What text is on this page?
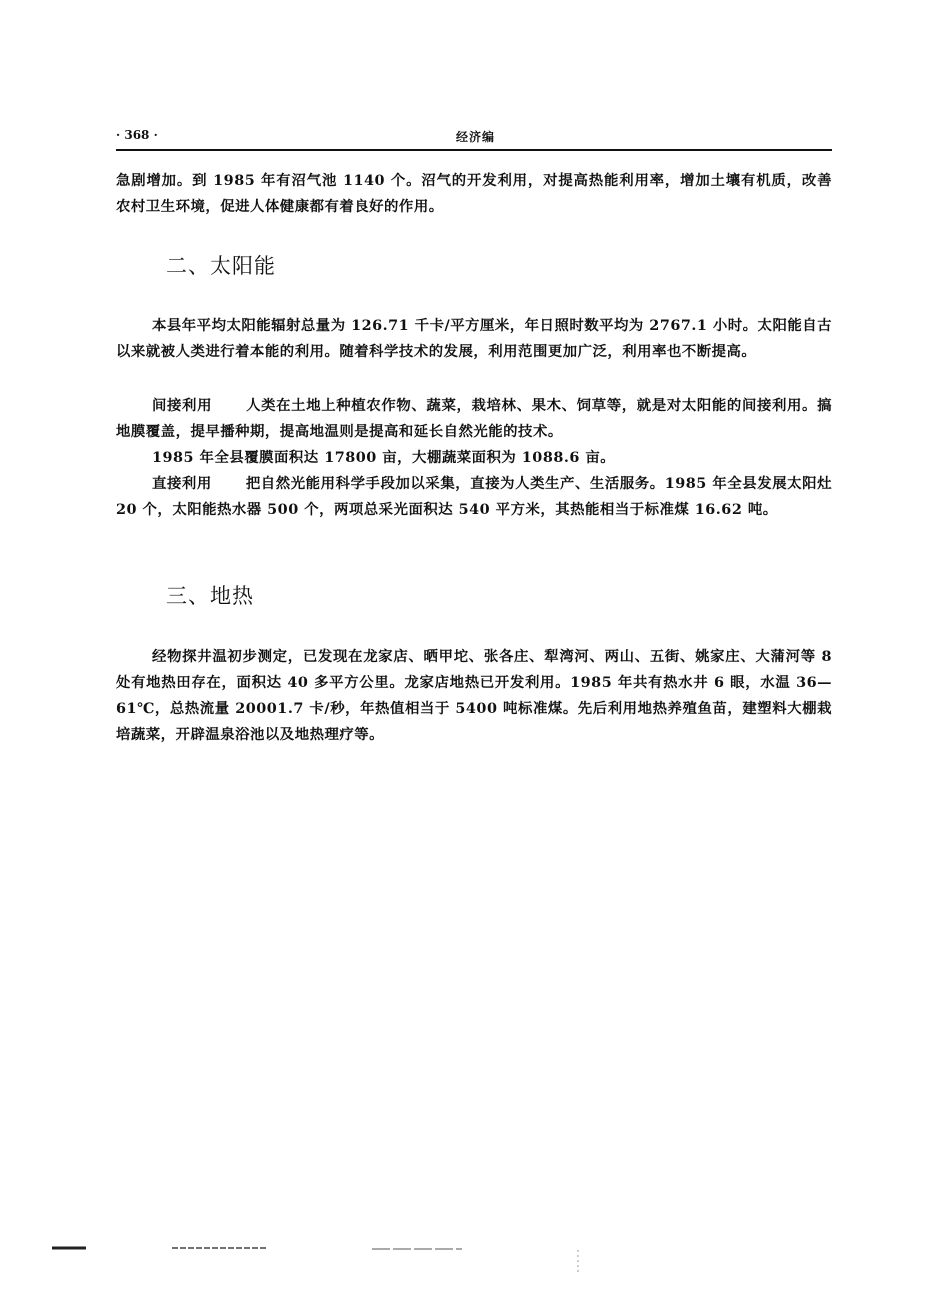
· 368 ·	经济编

急剧增加。到 1985 年有沼气池 1140 个。沼气的开发利用，对提高热能利用率，增加土壤有机质，改善农村卫生环境，促进人体健康都有着良好的作用。

二、太阳能

本县年平均太阳能辐射总量为 126.71 千卡/平方厘米，年日照时数平均为 2767.1 小时。太阳能自古以来就被人类进行着本能的利用。随着科学技术的发展，利用范围更加广泛，利用率也不断提高。

间接利用 人类在土地上种植农作物、蔬菜，栽培林、果木、饲草等，就是对太阳能的间接利用。搞地膜覆盖，提早播种期，提高地温则是提高和延长自然光能的技术。

1985 年全县覆膜面积达 17800 亩，大棚蔬菜面积为 1088.6 亩。

直接利用 把自然光能用科学手段加以采集，直接为人类生产、生活服务。1985 年全县发展太阳灶 20 个，太阳能热水器 500 个，两项总采光面积达 540 平方米，其热能相当于标准煤 16.62 吨。

三、地热

经物探井温初步测定，已发现在龙家店、晒甲坨、张各庄、犁湾河、两山、五街、姚家庄、大蒲河等 8 处有地热田存在，面积达 40 多平方公里。龙家店地热已开发利用。1985 年共有热水井 6 眼，水温 36—61℃，总热流量 20001.7 卡/秒，年热值相当于 5400 吨标准煤。先后利用地热养殖鱼苗，建塑料大棚栽培蔬菜，开辟温泉浴池以及地热理疗等。
